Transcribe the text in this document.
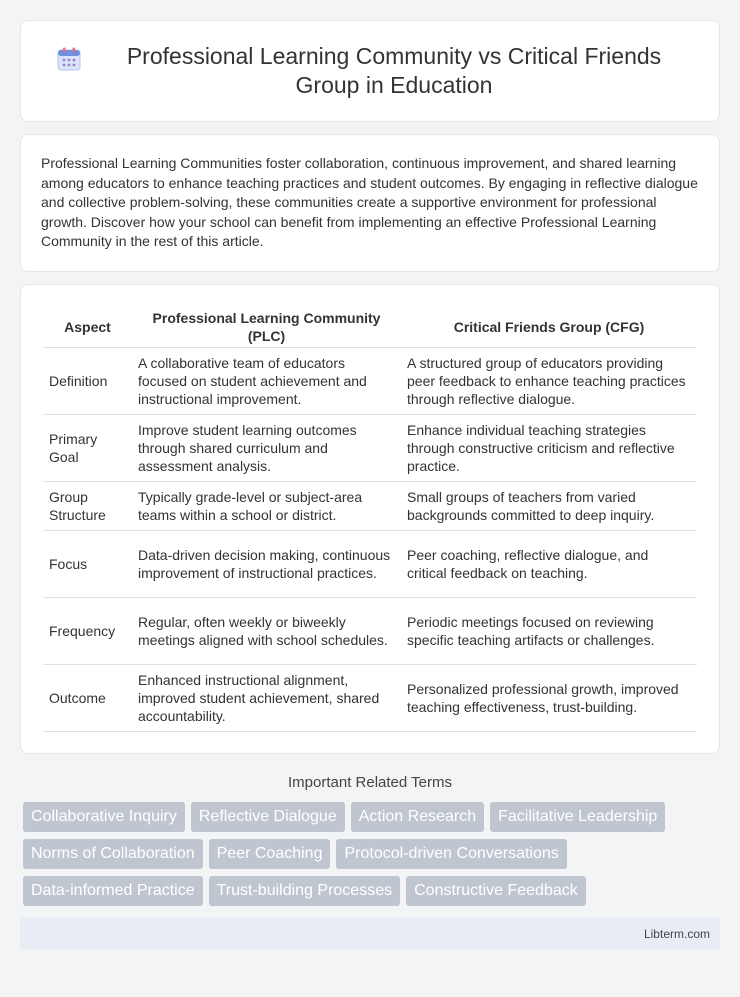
Professional Learning Community vs Critical Friends Group in Education

Professional Learning Communities foster collaboration, continuous improvement, and shared learning among educators to enhance teaching practices and student outcomes. By engaging in reflective dialogue and collective problem-solving, these communities create a supportive environment for professional growth. Discover how your school can benefit from implementing an effective Professional Learning Community in the rest of this article.

Aspect	Professional Learning Community (PLC)	Critical Friends Group (CFG)
Definition	A collaborative team of educators focused on student achievement and instructional improvement.	A structured group of educators providing peer feedback to enhance teaching practices through reflective dialogue.
Primary Goal	Improve student learning outcomes through shared curriculum and assessment analysis.	Enhance individual teaching strategies through constructive criticism and reflective practice.
Group Structure	Typically grade-level or subject-area teams within a school or district.	Small groups of teachers from varied backgrounds committed to deep inquiry.
Focus	Data-driven decision making, continuous improvement of instructional practices.	Peer coaching, reflective dialogue, and critical feedback on teaching.
Frequency	Regular, often weekly or biweekly meetings aligned with school schedules.	Periodic meetings focused on reviewing specific teaching artifacts or challenges.
Outcome	Enhanced instructional alignment, improved student achievement, shared accountability.	Personalized professional growth, improved teaching effectiveness, trust-building.
Important Related Terms
Collaborative Inquiry	Reflective Dialogue	Action Research	Facilitative Leadership
Norms of Collaboration	Peer Coaching	Protocol-driven Conversations
Data-informed Practice	Trust-building Processes	Constructive Feedback
Libterm.com
